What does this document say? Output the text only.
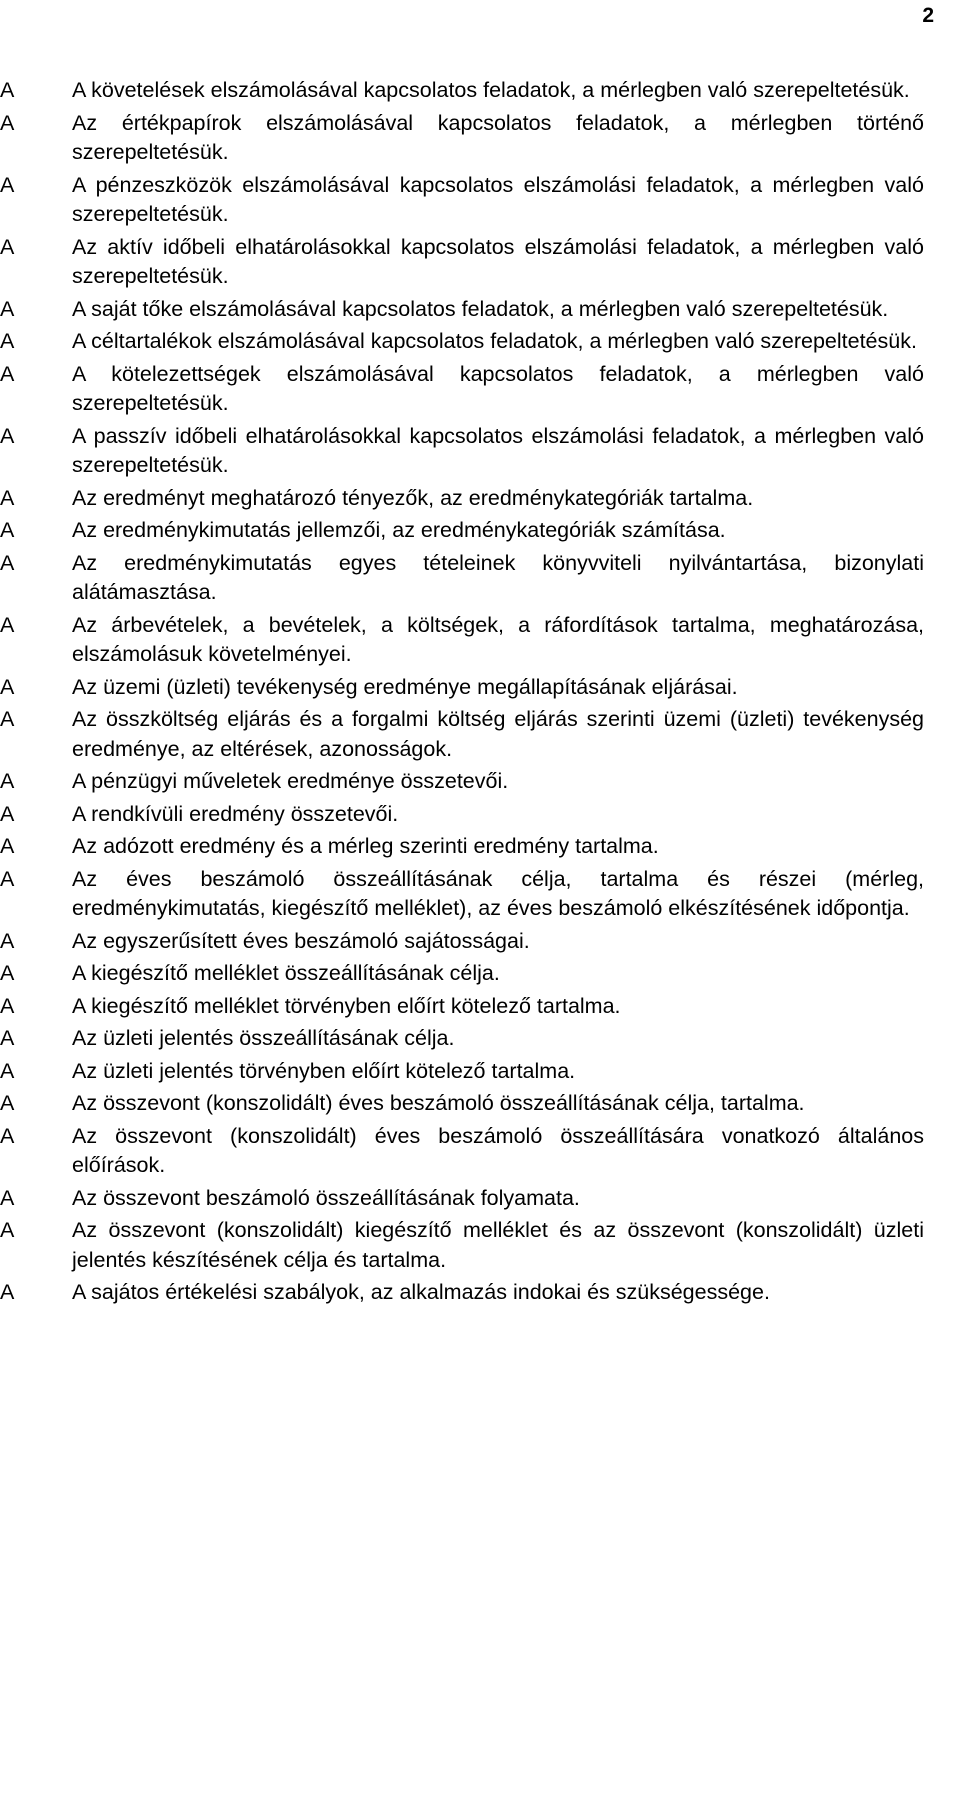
2
A	A követelések elszámolásával kapcsolatos feladatok, a mérlegben való szerepeltetésük.
A	Az értékpapírok elszámolásával kapcsolatos feladatok, a mérlegben történő szerepeltetésük.
A	A pénzeszközök elszámolásával kapcsolatos elszámolási feladatok, a mérlegben való szerepeltetésük.
A	Az aktív időbeli elhatárolásokkal kapcsolatos elszámolási feladatok, a mérlegben való szerepeltetésük.
A	A saját tőke elszámolásával kapcsolatos feladatok, a mérlegben való szerepeltetésük.
A	A céltartalékok elszámolásával kapcsolatos feladatok, a mérlegben való szerepeltetésük.
A	A kötelezettségek elszámolásával kapcsolatos feladatok, a mérlegben való szerepeltetésük.
A	A passzív időbeli elhatárolásokkal kapcsolatos elszámolási feladatok, a mérlegben való szerepeltetésük.
A	Az eredményt meghatározó tényezők, az eredménykategóriák tartalma.
A	Az eredménykimutatás jellemzői, az eredménykategóriák számítása.
A	Az eredménykimutatás egyes tételeinek könyvviteli nyilvántartása, bizonylati alátámasztása.
A	Az árbevételek, a bevételek, a költségek, a ráfordítások tartalma, meghatározása, elszámolásuk követelményei.
A	Az üzemi (üzleti) tevékenység eredménye megállapításának eljárásai.
A	Az összköltség eljárás és a forgalmi költség eljárás szerinti üzemi (üzleti) tevékenység eredménye, az eltérések, azonosságok.
A	A pénzügyi műveletek eredménye összetevői.
A	A rendkívüli eredmény összetevői.
A	Az adózott eredmény és a mérleg szerinti eredmény tartalma.
A	Az éves beszámoló összeállításának célja, tartalma és részei (mérleg, eredménykimutatás, kiegészítő melléklet), az éves beszámoló elkészítésének időpontja.
A	Az egyszerűsített éves beszámoló sajátosságai.
A	A kiegészítő melléklet összeállításának célja.
A	A kiegészítő melléklet törvényben előírt kötelező tartalma.
A	Az üzleti jelentés összeállításának célja.
A	Az üzleti jelentés törvényben előírt kötelező tartalma.
A	Az összevont (konszolidált) éves beszámoló összeállításának célja, tartalma.
A	Az összevont (konszolidált) éves beszámoló összeállítására vonatkozó általános előírások.
A	Az összevont beszámoló összeállításának folyamata.
A	Az összevont (konszolidált) kiegészítő melléklet és az összevont (konszolidált) üzleti jelentés készítésének célja és tartalma.
A	A sajátos értékelési szabályok, az alkalmazás indokai és szükségessége.
